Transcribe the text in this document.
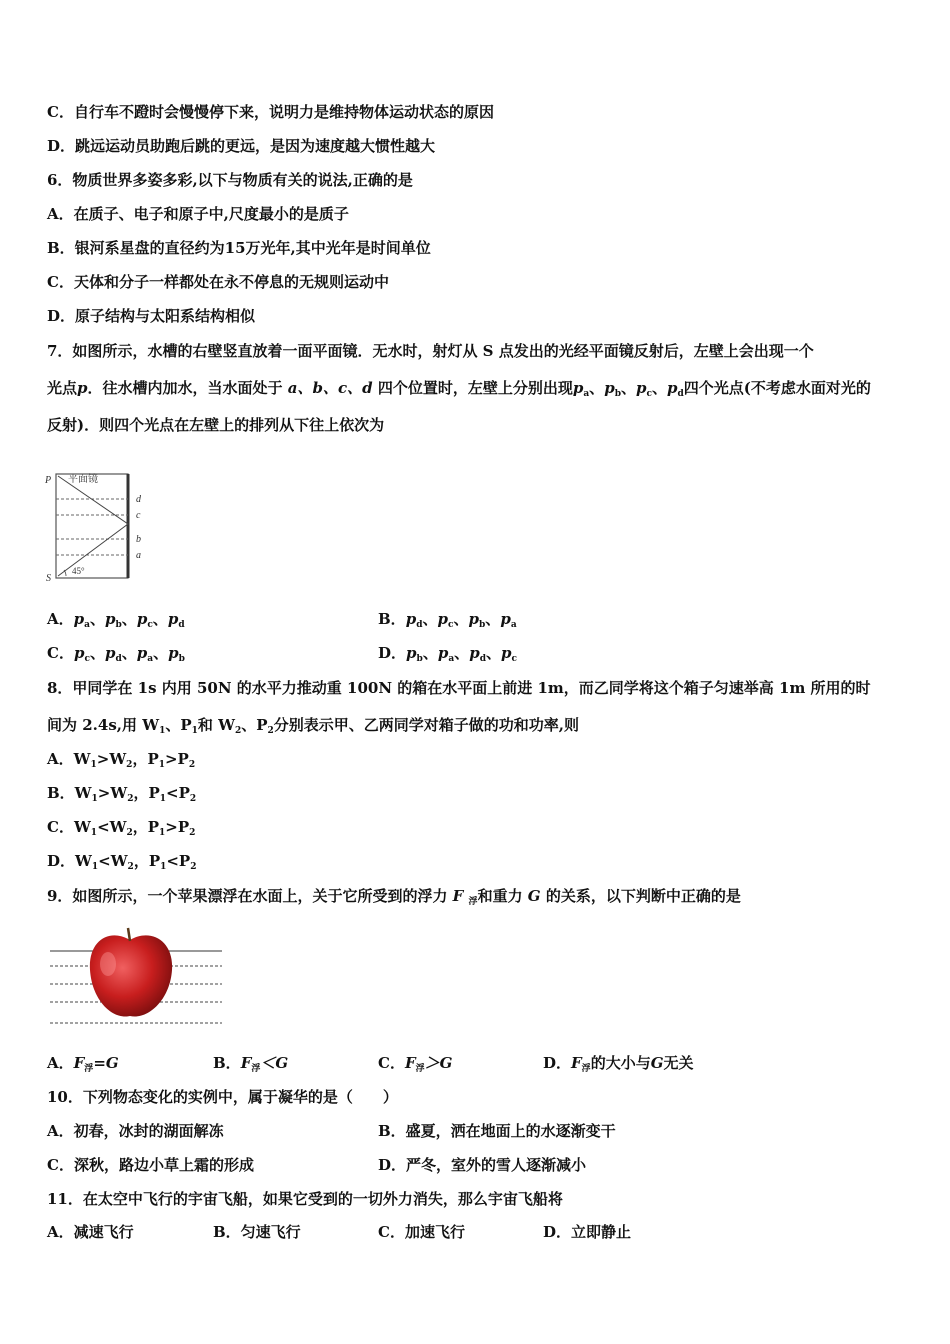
C．自行车不蹬时会慢慢停下来，说明力是维持物体运动状态的原因
D．跳远运动员助跑后跳的更远，是因为速度越大惯性越大
6．物质世界多姿多彩,以下与物质有关的说法,正确的是
A．在质子、电子和原子中,尺度最小的是质子
B．银河系星盘的直径约为15万光年,其中光年是时间单位
C．天体和分子一样都处在永不停息的无规则运动中
D．原子结构与太阳系结构相似
7．如图所示，水槽的右壁竖直放着一面平面镜．无水时，射灯从 S 点发出的光经平面镜反射后，左壁上会出现一个
光点p．往水槽内加水，当水面处于 a、b、c、d 四个位置时，左壁上分别出现$p_a$、$p_b$、$p_c$、$p_d$四个光点(不考虑水面对光的
反射)．则四个光点在左壁上的排列从下往上依次为
P 平面镜
S
45°
d
c
b
a
A．$p_a$、$p_b$、$p_c$、$p_d$	B．$p_d$、$p_c$、$p_b$、$p_a$
C．$p_c$、$p_d$、$p_a$、$p_b$	D．$p_b$、$p_a$、$p_d$、$p_c$
8．甲同学在 1s 内用 50N 的水平力推动重 100N 的箱在水平面上前进 1m，而乙同学将这个箱子匀速举高 1m 所用的时
间为 2.4s,用 $W_1$、$P_1$和 $W_2$、$P_2$分别表示甲、乙两同学对箱子做的功和功率,则
A．$W_1>W_2$，$P_1>P_2$
B．$W_1>W_2$，$P_1<P_2$
C．$W_1<W_2$，$P_1>P_2$
D．$W_1<W_2$，$P_1<P_2$
9．如图所示，一个苹果漂浮在水面上，关于它所受到的浮力 F $_浮$和重力 G 的关系，以下判断中正确的是
A．$F_浮=G$	B．$F_浮<G$	C．$F_浮>G$	D．$F_浮$的大小与G无关
10．下列物态变化的实例中，属于凝华的是（　　）
A．初春，冰封的湖面解冻	B．盛夏，洒在地面上的水逐渐变干
C．深秋，路边小草上霜的形成	D．严冬，室外的雪人逐渐减小
11．在太空中飞行的宇宙飞船，如果它受到的一切外力消失，那么宇宙飞船将
A．减速飞行	B．匀速飞行	C．加速飞行	D．立即静止
